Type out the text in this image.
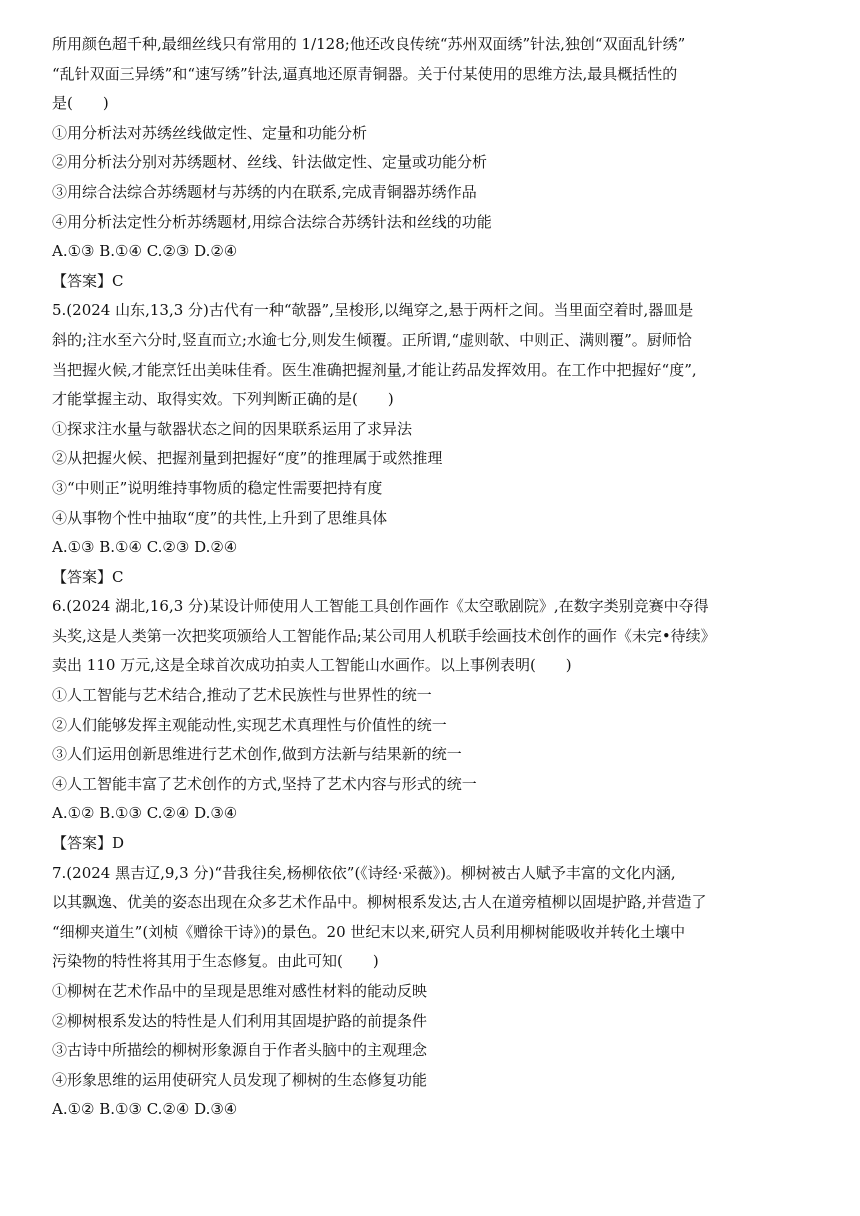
所用颜色超千种,最细丝线只有常用的 1/128;他还改良传统“苏州双面绣”针法,独创“双面乱针绣”

“乱针双面三异绣”和“速写绣”针法,逼真地还原青铜器。关于付某使用的思维方法,最具概括性的

是(　　)

①用分析法对苏绣丝线做定性、定量和功能分析

②用分析法分别对苏绣题材、丝线、针法做定性、定量或功能分析

③用综合法综合苏绣题材与苏绣的内在联系,完成青铜器苏绣作品

④用分析法定性分析苏绣题材,用综合法综合苏绣针法和丝线的功能

A.①③ B.①④ C.②③ D.②④

【答案】C

5.(2024 山东,13,3 分)古代有一种“欹器”,呈梭形,以绳穿之,悬于两杆之间。当里面空着时,器皿是

斜的;注水至六分时,竖直而立;水逾七分,则发生倾覆。正所谓,“虚则欹、中则正、满则覆”。厨师恰

当把握火候,才能烹饪出美味佳肴。医生准确把握剂量,才能让药品发挥效用。在工作中把握好“度”,

才能掌握主动、取得实效。下列判断正确的是(　　)

①探求注水量与欹器状态之间的因果联系运用了求异法

②从把握火候、把握剂量到把握好“度”的推理属于或然推理

③“中则正”说明维持事物质的稳定性需要把持有度

④从事物个性中抽取“度”的共性,上升到了思维具体

A.①③ B.①④ C.②③ D.②④

【答案】C

6.(2024 湖北,16,3 分)某设计师使用人工智能工具创作画作《太空歌剧院》,在数字类别竞赛中夺得

头奖,这是人类第一次把奖项颁给人工智能作品;某公司用人机联手绘画技术创作的画作《未完•待续》

卖出 110 万元,这是全球首次成功拍卖人工智能山水画作。以上事例表明(　　)

①人工智能与艺术结合,推动了艺术民族性与世界性的统一

②人们能够发挥主观能动性,实现艺术真理性与价值性的统一

③人们运用创新思维进行艺术创作,做到方法新与结果新的统一

④人工智能丰富了艺术创作的方式,坚持了艺术内容与形式的统一

A.①② B.①③ C.②④ D.③④

【答案】D

7.(2024 黑吉辽,9,3 分)“昔我往矣,杨柳依依”(《诗经·采薇》)。柳树被古人赋予丰富的文化内涵,

以其飘逸、优美的姿态出现在众多艺术作品中。柳树根系发达,古人在道旁植柳以固堤护路,并营造了

“细柳夹道生”(刘桢《赠徐干诗》)的景色。20 世纪末以来,研究人员利用柳树能吸收并转化土壤中

污染物的特性将其用于生态修复。由此可知(　　)

①柳树在艺术作品中的呈现是思维对感性材料的能动反映

②柳树根系发达的特性是人们利用其固堤护路的前提条件

③古诗中所描绘的柳树形象源自于作者头脑中的主观理念

④形象思维的运用使研究人员发现了柳树的生态修复功能

A.①② B.①③ C.②④ D.③④
